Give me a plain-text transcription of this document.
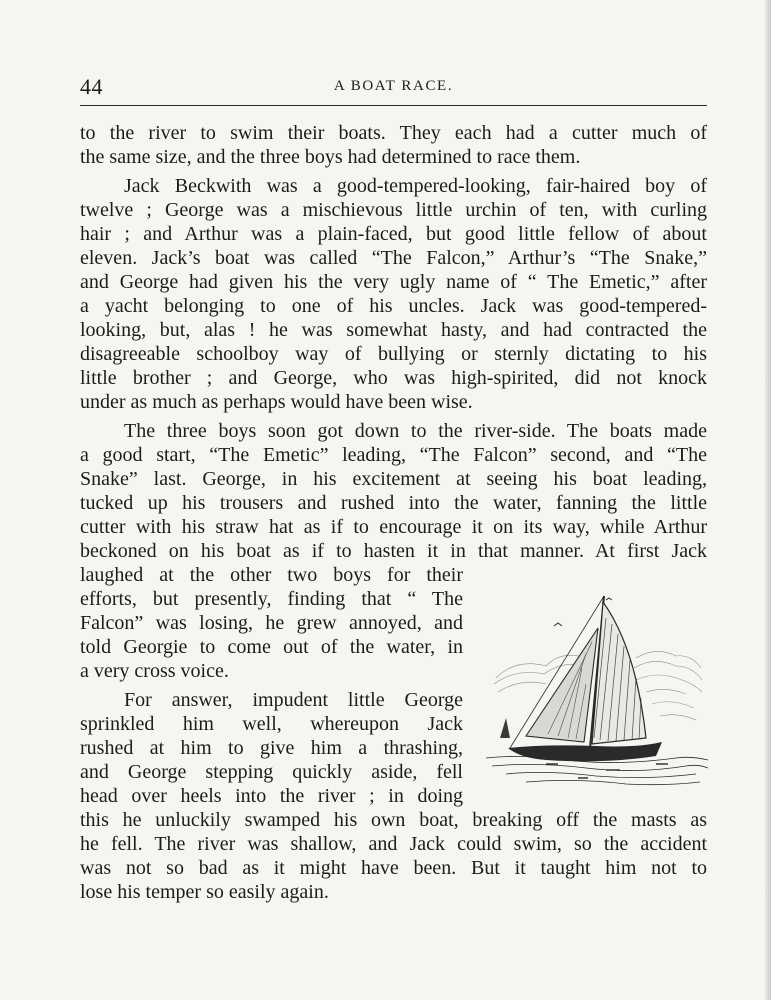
44	A BOAT RACE.
to the river to swim their boats. They each had a cutter much of
the same size, and the three boys had determined to race them.
Jack Beckwith was a good-tempered-looking, fair-haired boy of
twelve ; George was a mischievous little urchin of ten, with curling
hair ; and Arthur was a plain-faced, but good little fellow of about
eleven. Jack’s boat was called “The Falcon,” Arthur’s “The Snake,”
and George had given his the very ugly name of “ The Emetic,” after
a yacht belonging to one of his uncles. Jack was good-tempered-
looking, but, alas ! he was somewhat hasty, and had contracted the
disagreeable schoolboy way of bullying or sternly dictating to his
little brother ; and George, who was high-spirited, did not knock
under as much as perhaps would have been wise.
The three boys soon got down to the river-side. The boats made
a good start, “The Emetic” leading, “The Falcon” second, and “The
Snake” last. George, in his excitement at seeing his boat leading,
tucked up his trousers and rushed into the water, fanning the little
cutter with his straw hat as if to encourage it on its way, while Arthur
beckoned on his boat as if to hasten it in that manner. At first Jack
laughed at the other two boys for their
efforts, but presently, finding that “ The
Falcon” was losing, he grew annoyed, and
told Georgie to come out of the water, in
a very cross voice.
For answer, impudent little George
sprinkled him well, whereupon Jack
rushed at him to give him a thrashing,
and George stepping quickly aside, fell
head over heels into the river ; in doing
this he unluckily swamped his own boat, breaking off the masts as
he fell. The river was shallow, and Jack could swim, so the accident
was not so bad as it might have been. But it taught him not to
lose his temper so easily again.
